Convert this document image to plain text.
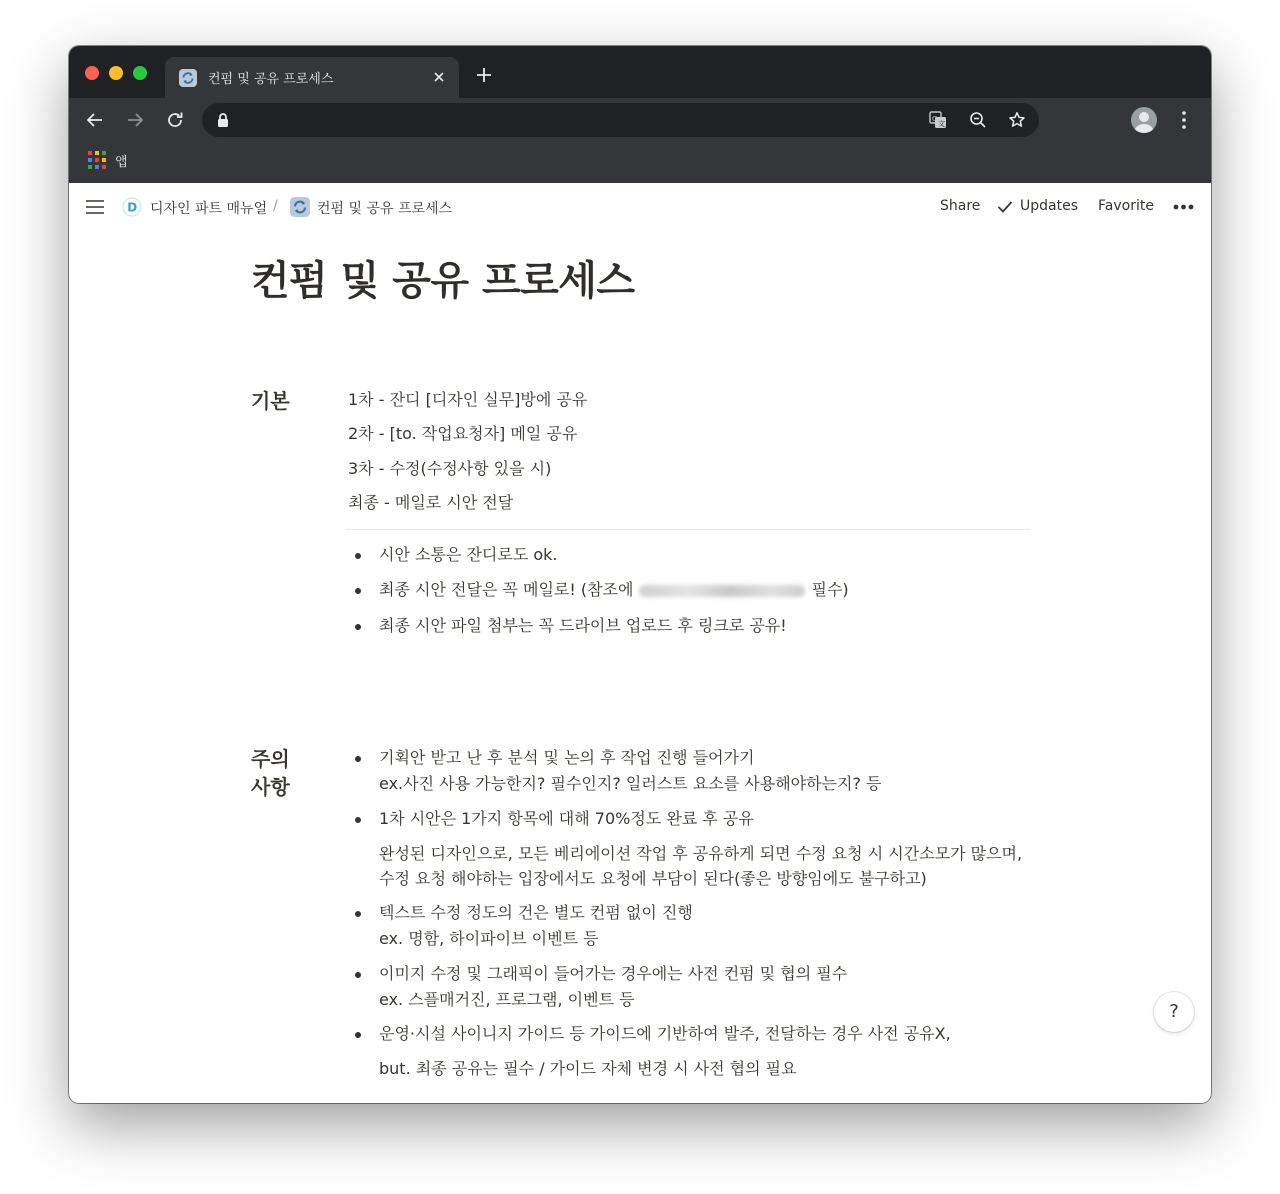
컨펌 및 공유 프로세스
G
文
앱
D 디자인 파트 매뉴얼 /	컨펌 및 공유 프로세스	Share	Updates Favorite
컨펌 및 공유 프로세스
기본	1차 - 잔디 [디자인 실무]방에 공유
2차 - [to. 작업요청자] 메일 공유
3차 - 수정(수정사항 있을 시)
최종 - 메일로 시안 전달
시안 소통은 잔디로도 ok.
최종 시안 전달은 꼭 메일로! (참조에	필수)
최종 시안 파일 첨부는 꼭 드라이브 업로드 후 링크로 공유!
주의
사항
기획안 받고 난 후 분석 및 논의 후 작업 진행 들어가기
ex.사진 사용 가능한지? 필수인지? 일러스트 요소를 사용해야하는지? 등
1차 시안은 1가지 항목에 대해 70%정도 완료 후 공유
완성된 디자인으로, 모든 베리에이션 작업 후 공유하게 되면 수정 요청 시 시간소모가 많으며,
수정 요청 해야하는 입장에서도 요청에 부담이 된다(좋은 방향임에도 불구하고)
텍스트 수정 정도의 건은 별도 컨펌 없이 진행
ex. 명함, 하이파이브 이벤트 등
이미지 수정 및 그래픽이 들어가는 경우에는 사전 컨펌 및 협의 필수
ex. 스플매거진, 프로그램, 이벤트 등
운영·시설 사이니지 가이드 등 가이드에 기반하여 발주, 전달하는 경우 사전 공유X,
but. 최종 공유는 필수 / 가이드 자체 변경 시 사전 협의 필요
?
